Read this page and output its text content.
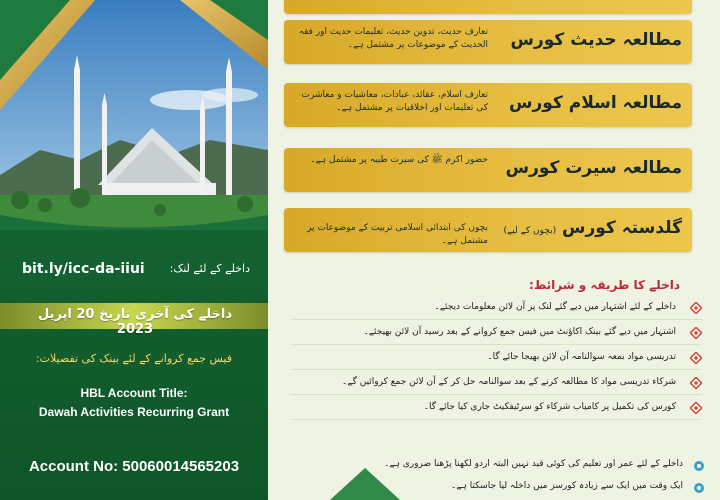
bit.ly/icc-da-iiui داخلے کے لئے لنک:
داخلے کی آخری تاریخ 20 اپریل 2023
فیس جمع کروانے کے لئے بینک کی تفصیلات:
HBL Account Title:
Dawah Activities Recurring Grant
Account No: 50060014565203
مطالعہ حدیث کورس
تعارف حدیث، تدوین حدیث، تعلیمات حدیث اور فقہ الحدیث کے موضوعات پر مشتمل ہے۔
مطالعہ اسلام کورس
تعارف اسلام، عقائد، عبادات، معاشیات و معاشرت کی تعلیمات اور اخلاقیات پر مشتمل ہے۔
مطالعہ سیرت کورس
حضور اکرم ﷺ کی سیرت طیبہ پر مشتمل ہے۔
گلدستہ کورس (بچوں کے لیے)
بچوں کی ابتدائی اسلامی تربیت کے موضوعات پر مشتمل ہے۔
داخلے کا طریقہ و شرائط:
داخلے کے لئے اشتہار میں دیے گئے لنک پر آن لائن معلومات دیجئے۔
اشتہار میں دیے گئے بینک اکاؤنٹ میں فیس جمع کروانے کے بعد رسید آن لائن بھیجئے۔
تدریسی مواد بمعہ سوالنامہ آن لائن بھیجا جائے گا۔
شرکاء تدریسی مواد کا مطالعہ کرنے کے بعد سوالنامہ حل کر کے آن لائن جمع کروائیں گے۔
کورس کی تکمیل پر کامیاب شرکاء کو سرٹیفکیٹ جاری کیا جائے گا۔
داخلے کے لئے عمر اور تعلیم کی کوئی قید نہیں البتہ اردو لکھنا پڑھنا ضروری ہے۔
ایک وقت میں ایک سے زیادہ کورسز میں داخلہ لیا جاسکتا ہے۔
